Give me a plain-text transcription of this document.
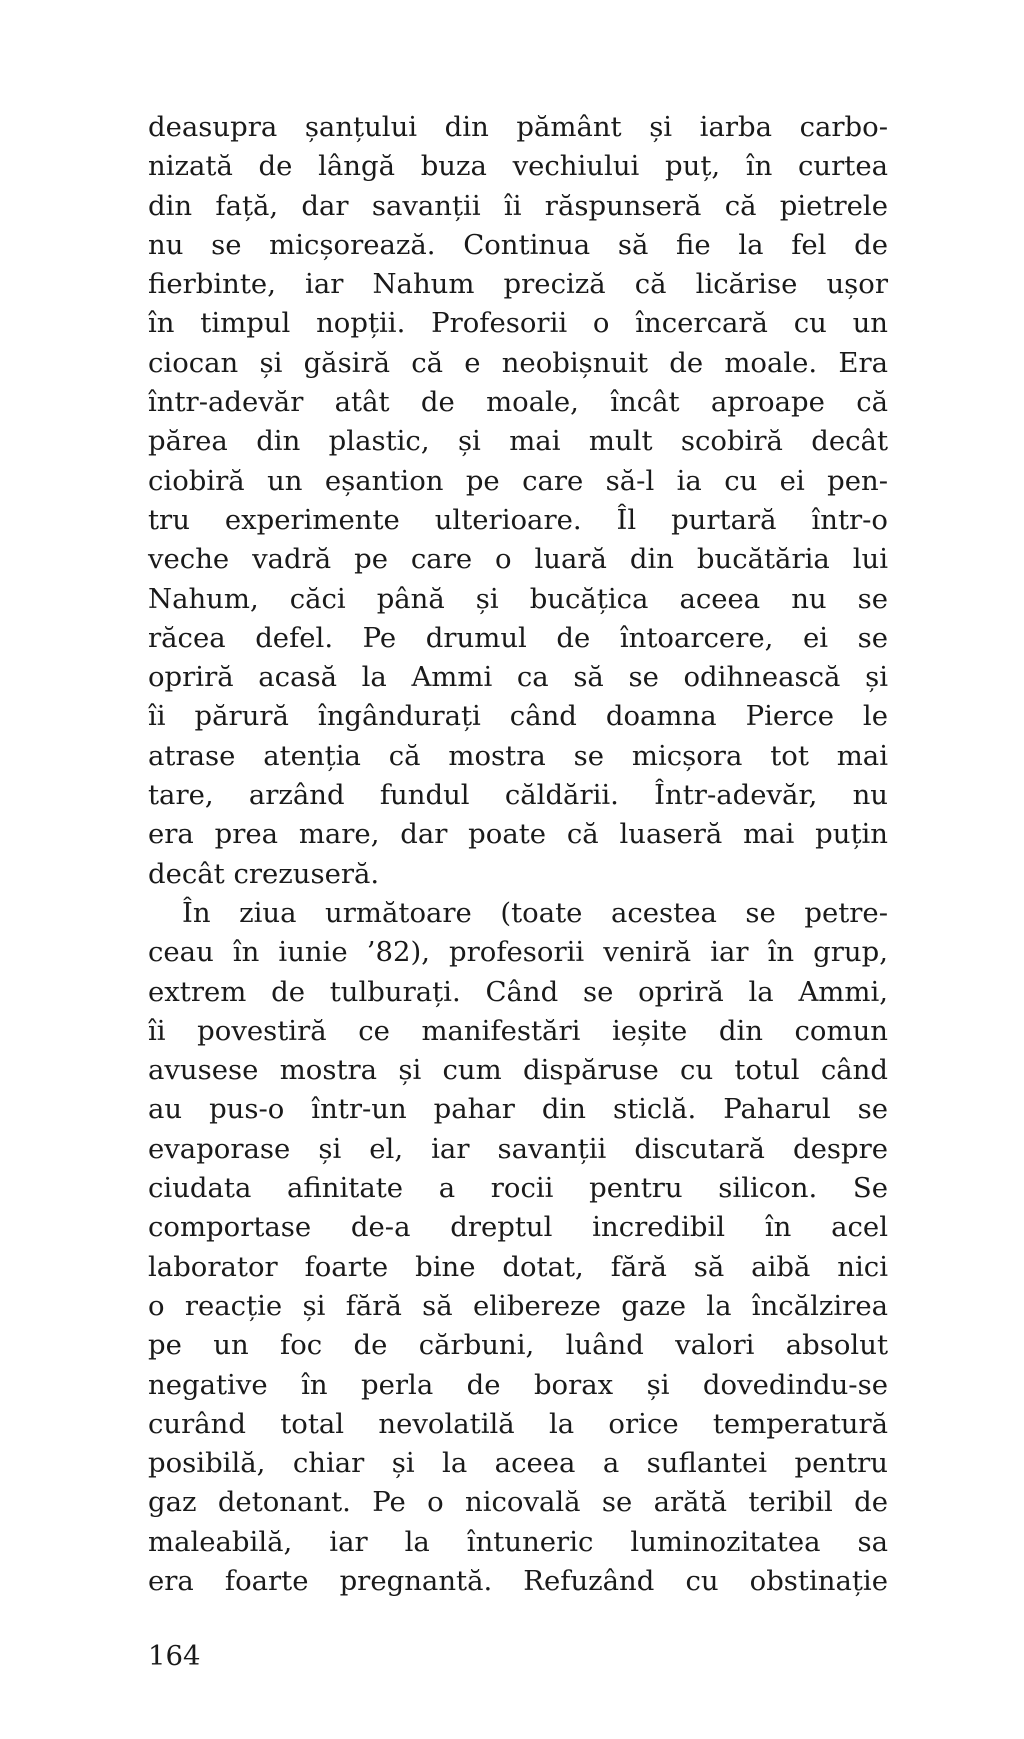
deasupra șanțului din pământ și iarba carbo-
nizată de lângă buza vechiului puț, în curtea
din față, dar savanții îi răspunseră că pietrele
nu se micșorează. Continua să fie la fel de
fierbinte, iar Nahum preciză că licărise ușor
în timpul nopții. Profesorii o încercară cu un
ciocan și găsiră că e neobișnuit de moale. Era
într-adevăr atât de moale, încât aproape că
părea din plastic, și mai mult scobiră decât
ciobiră un eșantion pe care să-l ia cu ei pen-
tru experimente ulterioare. Îl purtară într-o
veche vadră pe care o luară din bucătăria lui
Nahum, căci până și bucățica aceea nu se
răcea defel. Pe drumul de întoarcere, ei se
opriră acasă la Ammi ca să se odihnească și
îi părură îngândurați când doamna Pierce le
atrase atenția că mostra se micșora tot mai
tare, arzând fundul căldării. Într-adevăr, nu
era prea mare, dar poate că luaseră mai puțin
decât crezuseră.
În ziua următoare (toate acestea se petre-
ceau în iunie ’82), profesorii veniră iar în grup,
extrem de tulburați. Când se opriră la Ammi,
îi povestiră ce manifestări ieșite din comun
avusese mostra și cum dispăruse cu totul când
au pus-o într-un pahar din sticlă. Paharul se
evaporase și el, iar savanții discutară despre
ciudata afinitate a rocii pentru silicon. Se
comportase de-a dreptul incredibil în acel
laborator foarte bine dotat, fără să aibă nici
o reacție și fără să elibereze gaze la încălzirea
pe un foc de cărbuni, luând valori absolut
negative în perla de borax și dovedindu-se
curând total nevolatilă la orice temperatură
posibilă, chiar și la aceea a suflantei pentru
gaz detonant. Pe o nicovală se arătă teribil de
maleabilă, iar la întuneric luminozitatea sa
era foarte pregnantă. Refuzând cu obstinație
164
